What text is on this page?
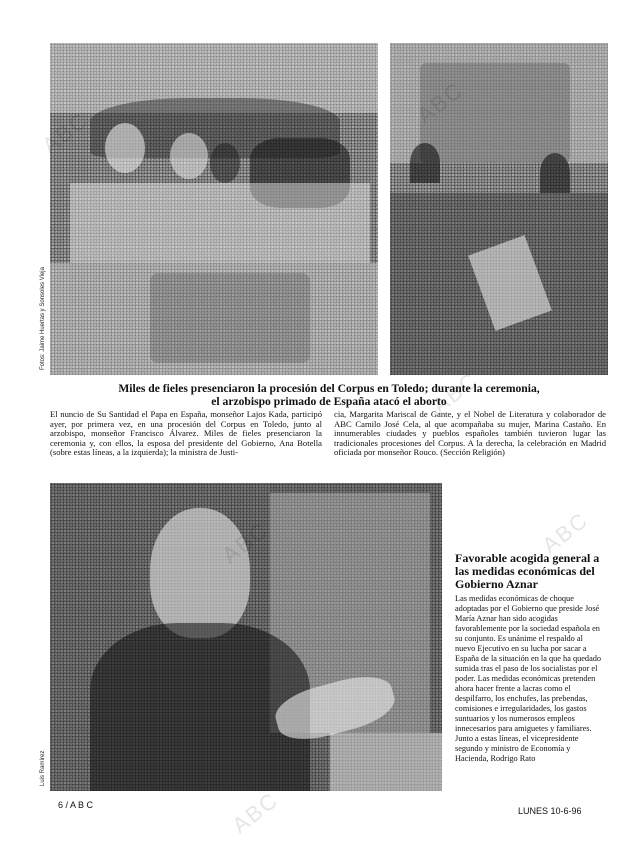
Fotos: Jaime Huertas y Sonsoles Vieja
Miles de fieles presenciaron la procesión del Corpus en Toledo; durante la ceremonia,
el arzobispo primado de España atacó el aborto
El nuncio de Su Santidad el Papa en España, monseñor Lajos Kada, participó ayer, por primera vez, en una procesión del Corpus en Toledo, junto al arzobispo, monseñor Francisco Álvarez. Miles de fieles presenciaron la ceremonia y, con ellos, la esposa del presidente del Gobierno, Ana Botella (sobre estas líneas, a la izquierda); la ministra de Justi-
cia, Margarita Mariscal de Gante, y el Nobel de Literatura y colaborador de ABC Camilo José Cela, al que acompañaba su mujer, Marina Castaño. En innumerables ciudades y pueblos españoles también tuvieron lugar las tradicionales procesiones del Corpus. A la derecha, la celebración en Madrid oficiada por monseñor Rouco. (Sección Religión)
Luis Ramírez
Favorable acogida general a las medidas económicas del Gobierno Aznar

Las medidas económicas de choque adoptadas por el Gobierno que preside José María Aznar han sido acogidas favorablemente por la sociedad española en su conjunto. Es unánime el respaldo al nuevo Ejecutivo en su lucha por sacar a España de la situación en la que ha quedado sumida tras el paso de los socialistas por el poder. Las medidas económicas pretenden ahora hacer frente a lacras como el despilfarro, los enchufes, las prebendas, comisiones e irregularidades, los gastos suntuarios y los numerosos empleos innecesarios para amiguetes y familiares. Junto a estas líneas, el vicepresidente segundo y ministro de Economía y Hacienda, Rodrigo Rato

6 / A B C
LUNES 10-6-96
ABC
ABC
ABC
